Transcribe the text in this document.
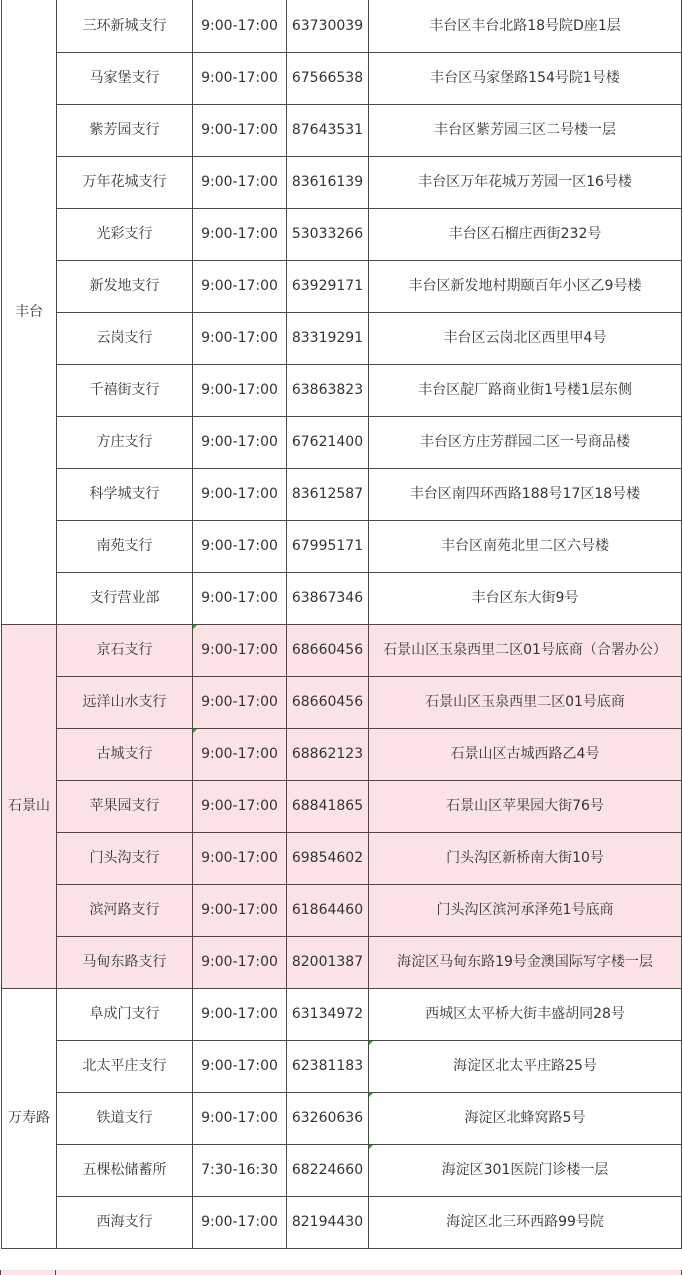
丰台	三环新城支行	9:00-17:00	63730039	丰台区丰台北路18号院D座1层
	马家堡支行	9:00-17:00	67566538	丰台区马家堡路154号院1号楼
	紫芳园支行	9:00-17:00	87643531	丰台区紫芳园三区二号楼一层
	万年花城支行	9:00-17:00	83616139	丰台区万年花城万芳园一区16号楼
	光彩支行	9:00-17:00	53033266	丰台区石榴庄西街232号
	新发地支行	9:00-17:00	63929171	丰台区新发地村期颐百年小区乙9号楼
	云岗支行	9:00-17:00	83319291	丰台区云岗北区西里甲4号
	千禧街支行	9:00-17:00	63863823	丰台区靛厂路商业街1号楼1层东侧
	方庄支行	9:00-17:00	67621400	丰台区方庄芳群园二区一号商品楼
	科学城支行	9:00-17:00	83612587	丰台区南四环西路188号17区18号楼
	南苑支行	9:00-17:00	67995171	丰台区南苑北里二区六号楼
	支行营业部	9:00-17:00	63867346	丰台区东大街9号
石景山	京石支行	9:00-17:00	68660456	石景山区玉泉西里二区01号底商（合署办公）
	远洋山水支行	9:00-17:00	68660456	石景山区玉泉西里二区01号底商
	古城支行	9:00-17:00	68862123	石景山区古城西路乙4号
	苹果园支行	9:00-17:00	68841865	石景山区苹果园大街76号
	门头沟支行	9:00-17:00	69854602	门头沟区新桥南大街10号
	滨河路支行	9:00-17:00	61864460	门头沟区滨河承泽苑1号底商
	马甸东路支行	9:00-17:00	82001387	海淀区马甸东路19号金澳国际写字楼一层
万寿路	阜成门支行	9:00-17:00	63134972	西城区太平桥大街丰盛胡同28号
	北太平庄支行	9:00-17:00	62381183	海淀区北太平庄路25号

	铁道支行	9:00-17:00	63260636	海淀区北蜂窝路5号

	五棵松储蓄所	7:30-16:30	68224660	海淀区301医院门诊楼一层

	西海支行	9:00-17:00	82194430	海淀区北三环西路99号院
